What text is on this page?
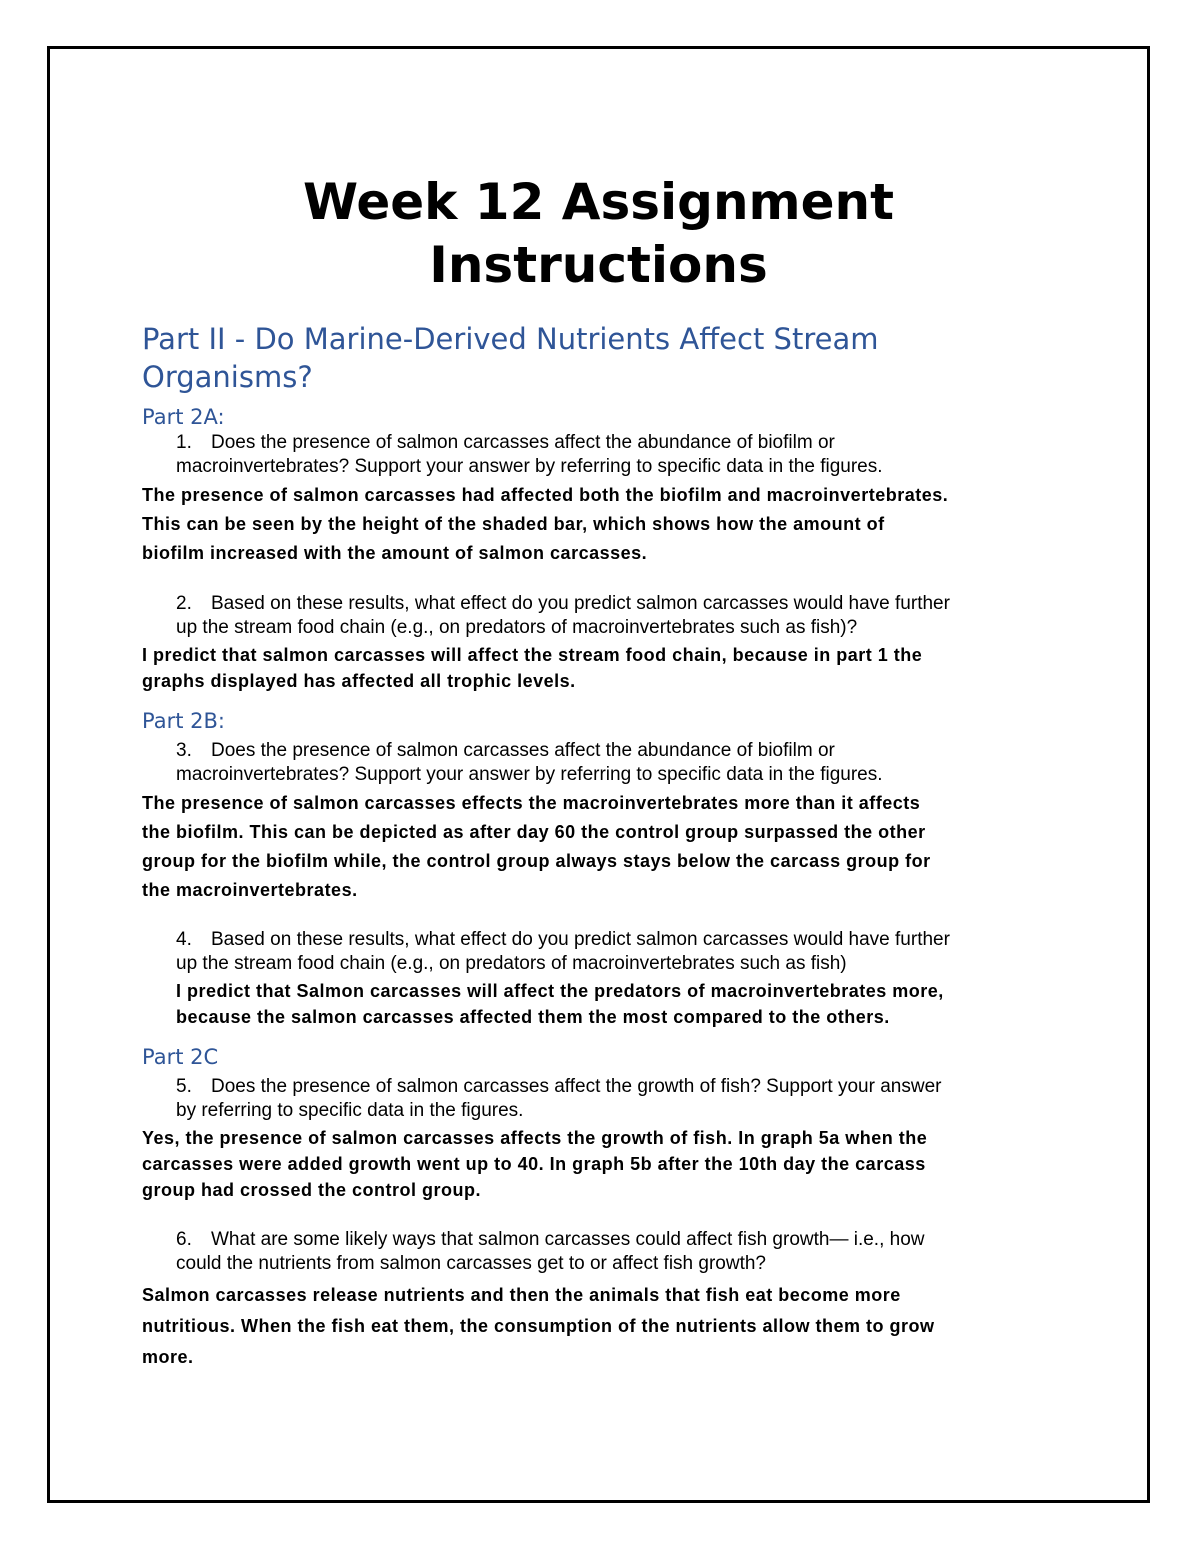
Week 12 Assignment
Instructions
Part II - Do Marine-Derived Nutrients Affect Stream
Organisms?
Part 2A:
1.	Does the presence of salmon carcasses affect the abundance of biofilm or
macroinvertebrates? Support your answer by referring to specific data in the figures.
The presence of salmon carcasses had affected both the biofilm and macroinvertebrates.
This can be seen by the height of the shaded bar, which shows how the amount of
biofilm increased with the amount of salmon carcasses.
2.	Based on these results, what effect do you predict salmon carcasses would have further
up the stream food chain (e.g., on predators of macroinvertebrates such as fish)?
I predict that salmon carcasses will affect the stream food chain, because in part 1 the
graphs displayed has affected all trophic levels.
Part 2B:
3.	Does the presence of salmon carcasses affect the abundance of biofilm or
macroinvertebrates? Support your answer by referring to specific data in the figures.
The presence of salmon carcasses effects the macroinvertebrates more than it affects
the biofilm. This can be depicted as after day 60 the control group surpassed the other
group for the biofilm while, the control group always stays below the carcass group for
the macroinvertebrates.
4.	Based on these results, what effect do you predict salmon carcasses would have further
up the stream food chain (e.g., on predators of macroinvertebrates such as fish)
I predict that Salmon carcasses will affect the predators of macroinvertebrates more,
because the salmon carcasses affected them the most compared to the others.
Part 2C
5.	Does the presence of salmon carcasses affect the growth of fish? Support your answer
by referring to specific data in the figures.
Yes, the presence of salmon carcasses affects the growth of fish. In graph 5a when the
carcasses were added growth went up to 40. In graph 5b after the 10th day the carcass
group had crossed the control group.
6.	What are some likely ways that salmon carcasses could affect fish growth— i.e., how
could the nutrients from salmon carcasses get to or affect fish growth?
Salmon carcasses release nutrients and then the animals that fish eat become more
nutritious. When the fish eat them, the consumption of the nutrients allow them to grow
more.
